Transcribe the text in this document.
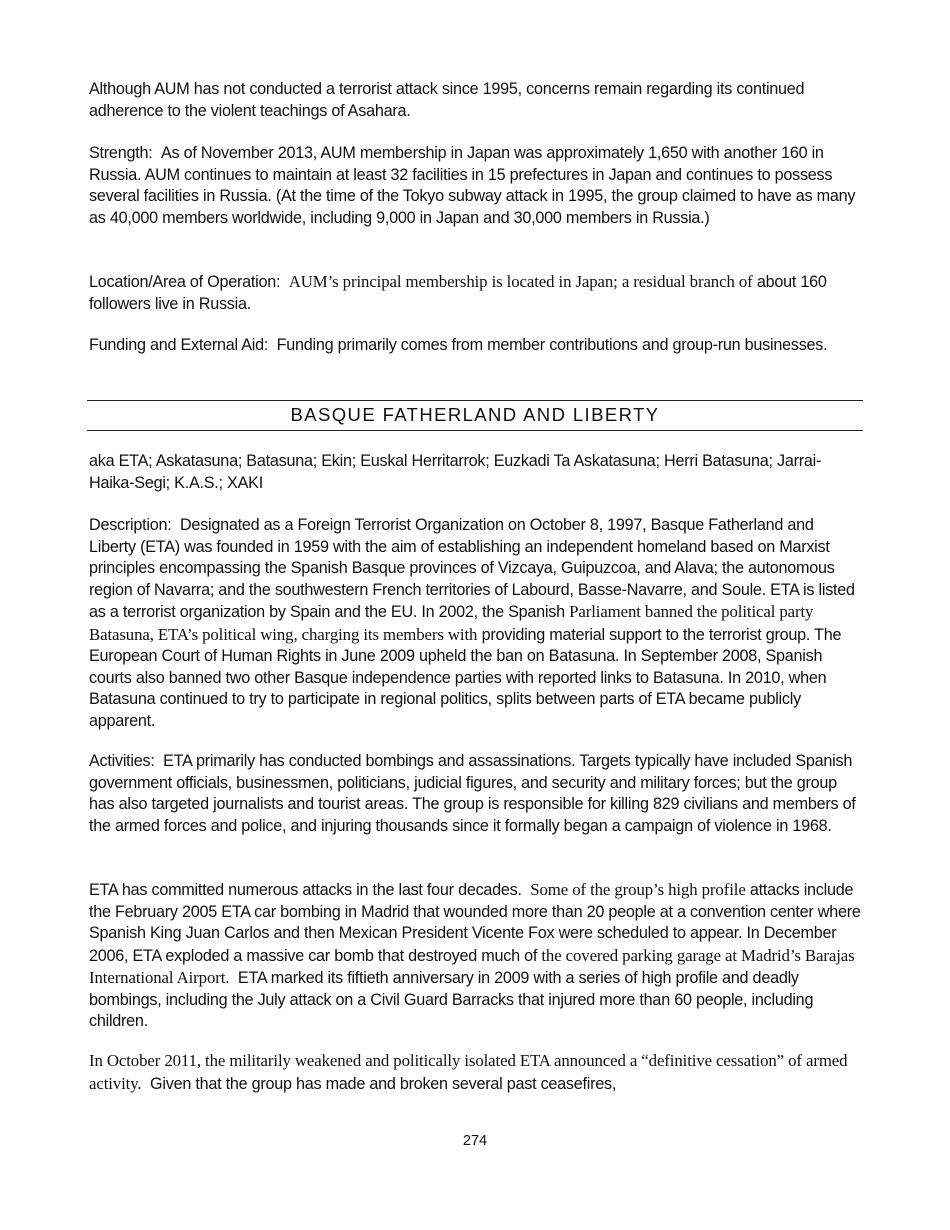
Although AUM has not conducted a terrorist attack since 1995, concerns remain regarding its continued adherence to the violent teachings of Asahara.

Strength: As of November 2013, AUM membership in Japan was approximately 1,650 with another 160 in Russia. AUM continues to maintain at least 32 facilities in 15 prefectures in Japan and continues to possess several facilities in Russia. (At the time of the Tokyo subway attack in 1995, the group claimed to have as many as 40,000 members worldwide, including 9,000 in Japan and 30,000 members in Russia.)

Location/Area of Operation: AUM’s principal membership is located in Japan; a residual branch of about 160 followers live in Russia.

Funding and External Aid: Funding primarily comes from member contributions and group-run businesses.

BASQUE FATHERLAND AND LIBERTY

aka ETA; Askatasuna; Batasuna; Ekin; Euskal Herritarrok; Euzkadi Ta Askatasuna; Herri Batasuna; Jarrai-Haika-Segi; K.A.S.; XAKI

Description: Designated as a Foreign Terrorist Organization on October 8, 1997, Basque Fatherland and Liberty (ETA) was founded in 1959 with the aim of establishing an independent homeland based on Marxist principles encompassing the Spanish Basque provinces of Vizcaya, Guipuzcoa, and Alava; the autonomous region of Navarra; and the southwestern French territories of Labourd, Basse-Navarre, and Soule. ETA is listed as a terrorist organization by Spain and the EU. In 2002, the Spanish Parliament banned the political party Batasuna, ETA’s political wing, charging its members with providing material support to the terrorist group. The European Court of Human Rights in June 2009 upheld the ban on Batasuna. In September 2008, Spanish courts also banned two other Basque independence parties with reported links to Batasuna. In 2010, when Batasuna continued to try to participate in regional politics, splits between parts of ETA became publicly apparent.

Activities: ETA primarily has conducted bombings and assassinations. Targets typically have included Spanish government officials, businessmen, politicians, judicial figures, and security and military forces; but the group has also targeted journalists and tourist areas. The group is responsible for killing 829 civilians and members of the armed forces and police, and injuring thousands since it formally began a campaign of violence in 1968.

ETA has committed numerous attacks in the last four decades. Some of the group’s high profile attacks include the February 2005 ETA car bombing in Madrid that wounded more than 20 people at a convention center where Spanish King Juan Carlos and then Mexican President Vicente Fox were scheduled to appear. In December 2006, ETA exploded a massive car bomb that destroyed much of the covered parking garage at Madrid’s Barajas International Airport. ETA marked its fiftieth anniversary in 2009 with a series of high profile and deadly bombings, including the July attack on a Civil Guard Barracks that injured more than 60 people, including children.

In October 2011, the militarily weakened and politically isolated ETA announced a “definitive cessation” of armed activity. Given that the group has made and broken several past ceasefires,

274
